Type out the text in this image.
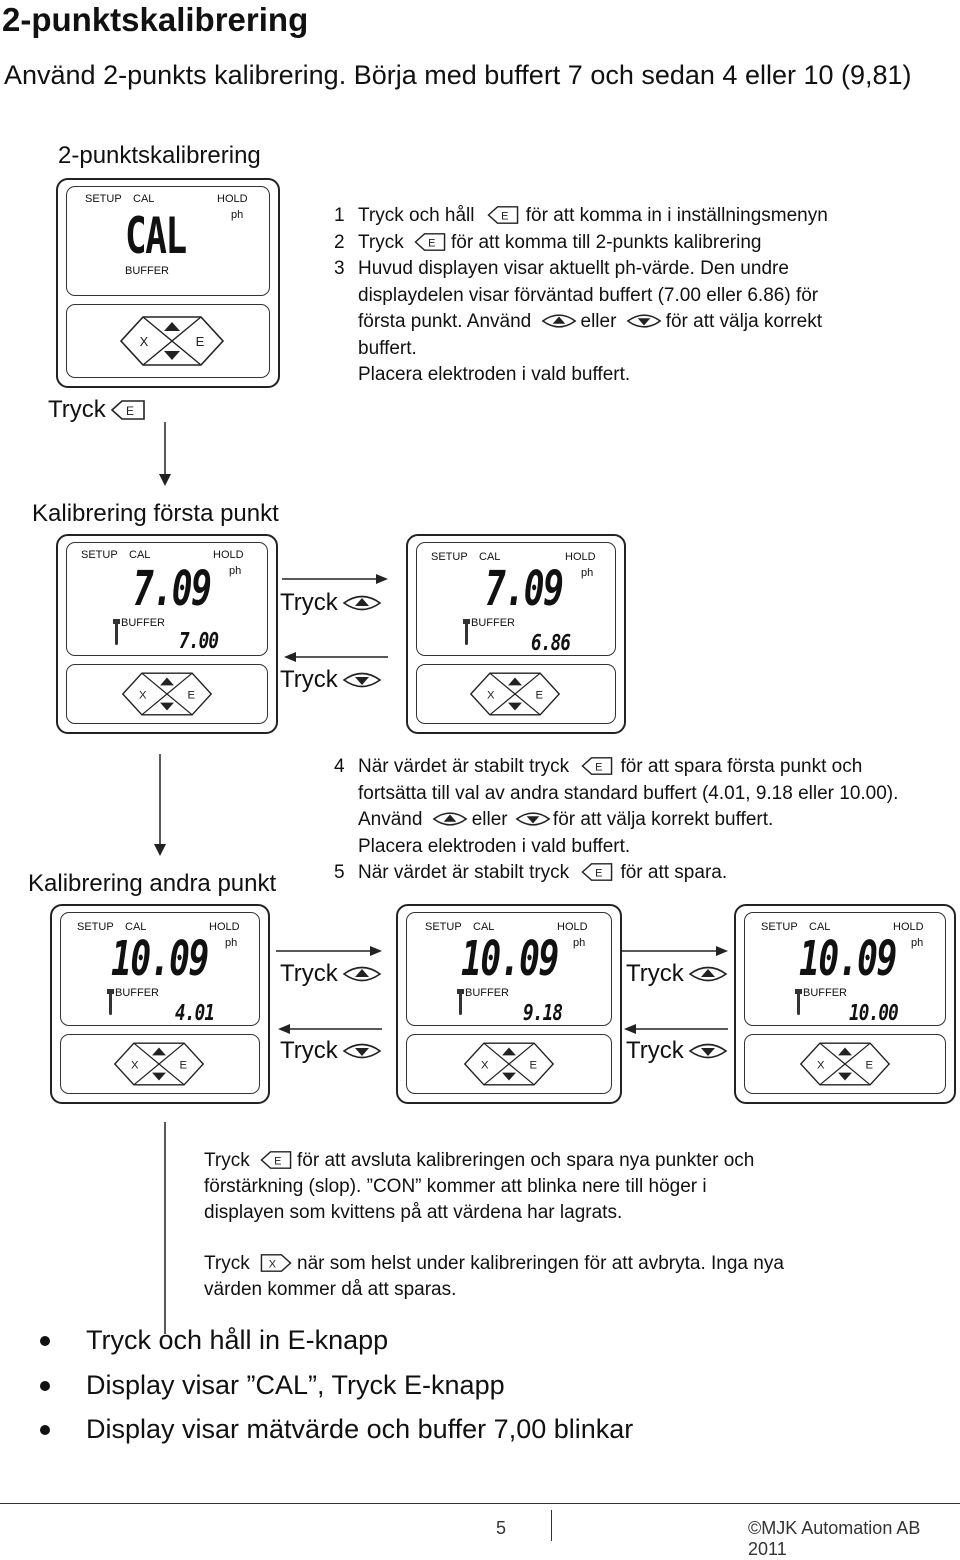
2-punktskalibrering
Använd 2-punkts kalibrering. Börja med buffert 7 och sedan 4 eller 10 (9,81)
2-punktskalibrering
SETUP CAL	HOLD
ph
CAL
BUFFER
Tryck
1 Tryck och håll	för att komma in i inställningsmenyn
2 Tryck för att komma till 2-punkts kalibrering
3 Huvud displayen visar aktuellt ph-värde. Den undre
displaydelen visar förväntad buffert (7.00 eller 6.86) för
första punkt. Använd	eller	för att välja korrekt
buffert.
Placera elektroden i vald buffert.
Kalibrering första punkt
SETUP CAL	HOLD
ph
7.09
BUFFER
7.00
Tryck
Tryck
SETUP CAL	HOLD
ph
7.09
BUFFER
6.86
4 När värdet är stabilt tryck	för att spara första punkt och
fortsätta till val av andra standard buffert (4.01, 9.18 eller 10.00).
Använd	eller för att välja korrekt buffert.
Placera elektroden i vald buffert.
5 När värdet är stabilt tryck	för att spara.
Kalibrering andra punkt
SETUP CAL	HOLD
ph
10.09
BUFFER
4.01
Tryck
Tryck
SETUP CAL	HOLD
ph
10.09
BUFFER
9.18
Tryck
Tryck
SETUP CAL	HOLD
ph
10.09
BUFFER
10.00
Tryck för att avsluta kalibreringen och spara nya punkter och
förstärkning (slop). ”CON” kommer att blinka nere till höger i
displayen som kvittens på att värdena har lagrats.
Tryck när som helst under kalibreringen för att avbryta. Inga nya
värden kommer då att sparas.
Tryck och håll in E-knapp
Display visar ”CAL”, Tryck E-knapp
Display visar mätvärde och buffer 7,00 blinkar
5	©MJK Automation AB 2011
